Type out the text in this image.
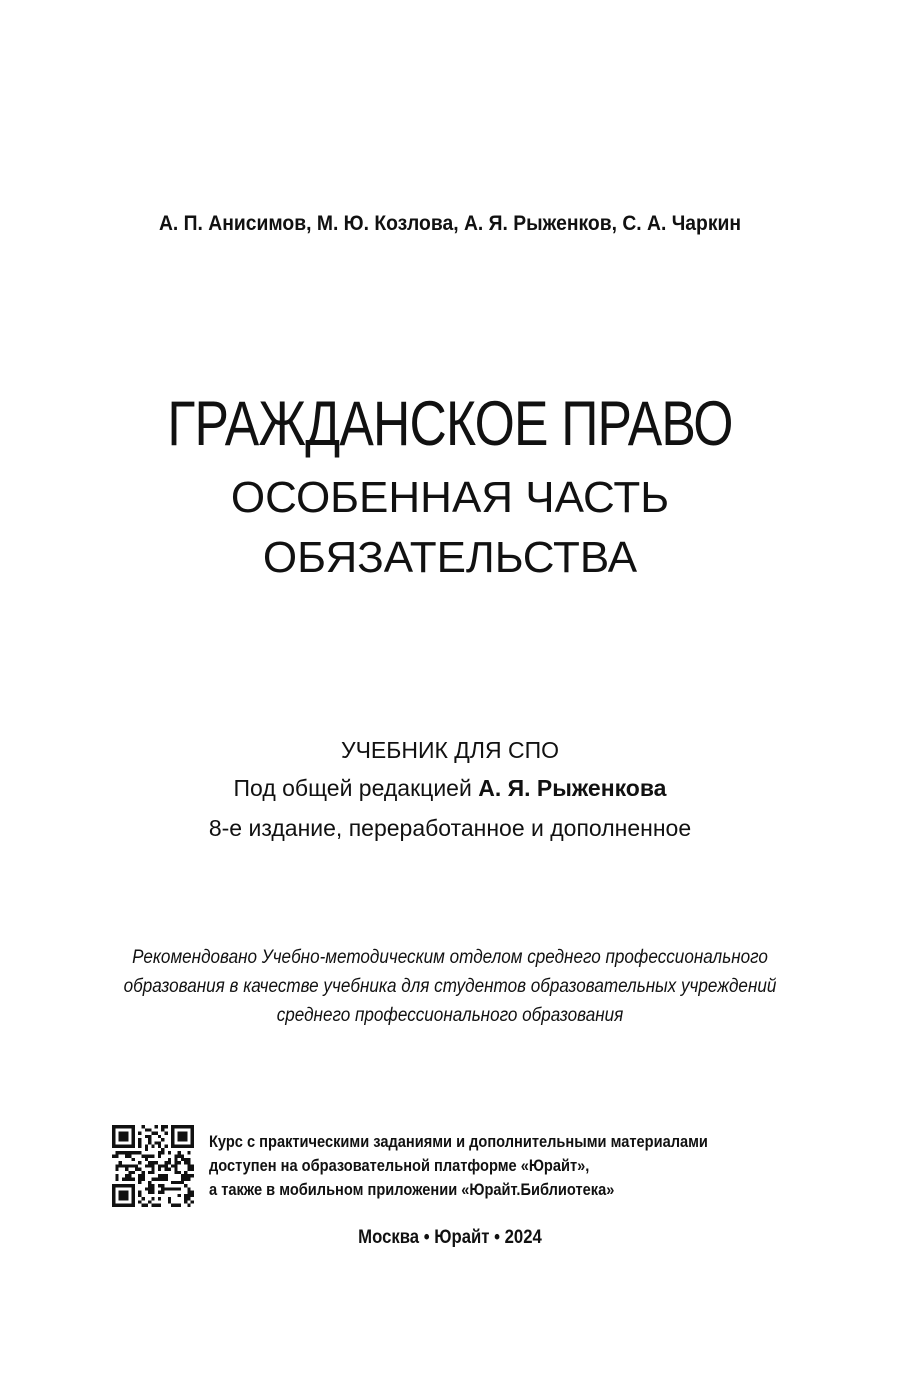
А. П. Анисимов, М. Ю. Козлова, А. Я. Рыженков, С. А. Чаркин
ГРАЖДАНСКОЕ ПРАВО
ОСОБЕННАЯ ЧАСТЬ
ОБЯЗАТЕЛЬСТВА
УЧЕБНИК ДЛЯ СПО
Под общей редакцией А. Я. Рыженкова
8-е издание, переработанное и дополненное
Рекомендовано Учебно-методическим отделом среднего профессионального
образования в качестве учебника для студентов образовательных учреждений
среднего профессионального образования
Курс с практическими заданиями и дополнительными материалами
доступен на образовательной платформе «Юрайт»,
а также в мобильном приложении «Юрайт.Библиотека»
Москва • Юрайт • 2024
